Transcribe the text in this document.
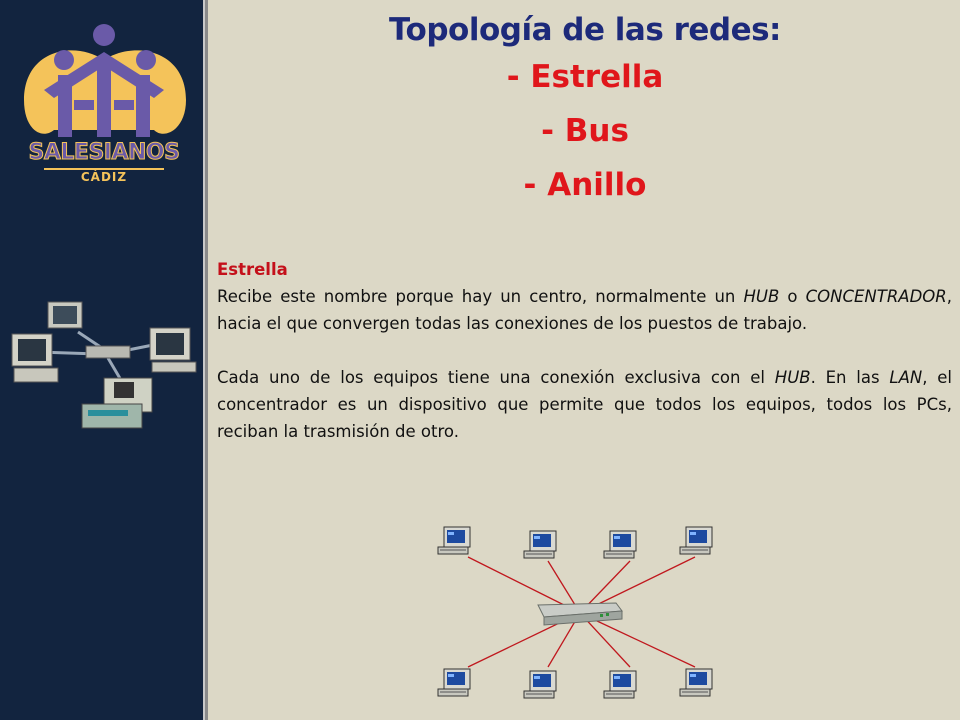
SALESIANOS
CÁDIZ
Topología de las redes:
- Estrella
- Bus
- Anillo
Estrella

Recibe este nombre porque hay un centro, normalmente un HUB o CONCENTRADOR, hacia el que convergen todas las conexiones de los puestos de trabajo.

Cada uno de los equipos tiene una conexión exclusiva con el HUB. En las LAN, el concentrador es un dispositivo que permite que todos los equipos, todos los PCs, reciban la trasmisión de otro.
